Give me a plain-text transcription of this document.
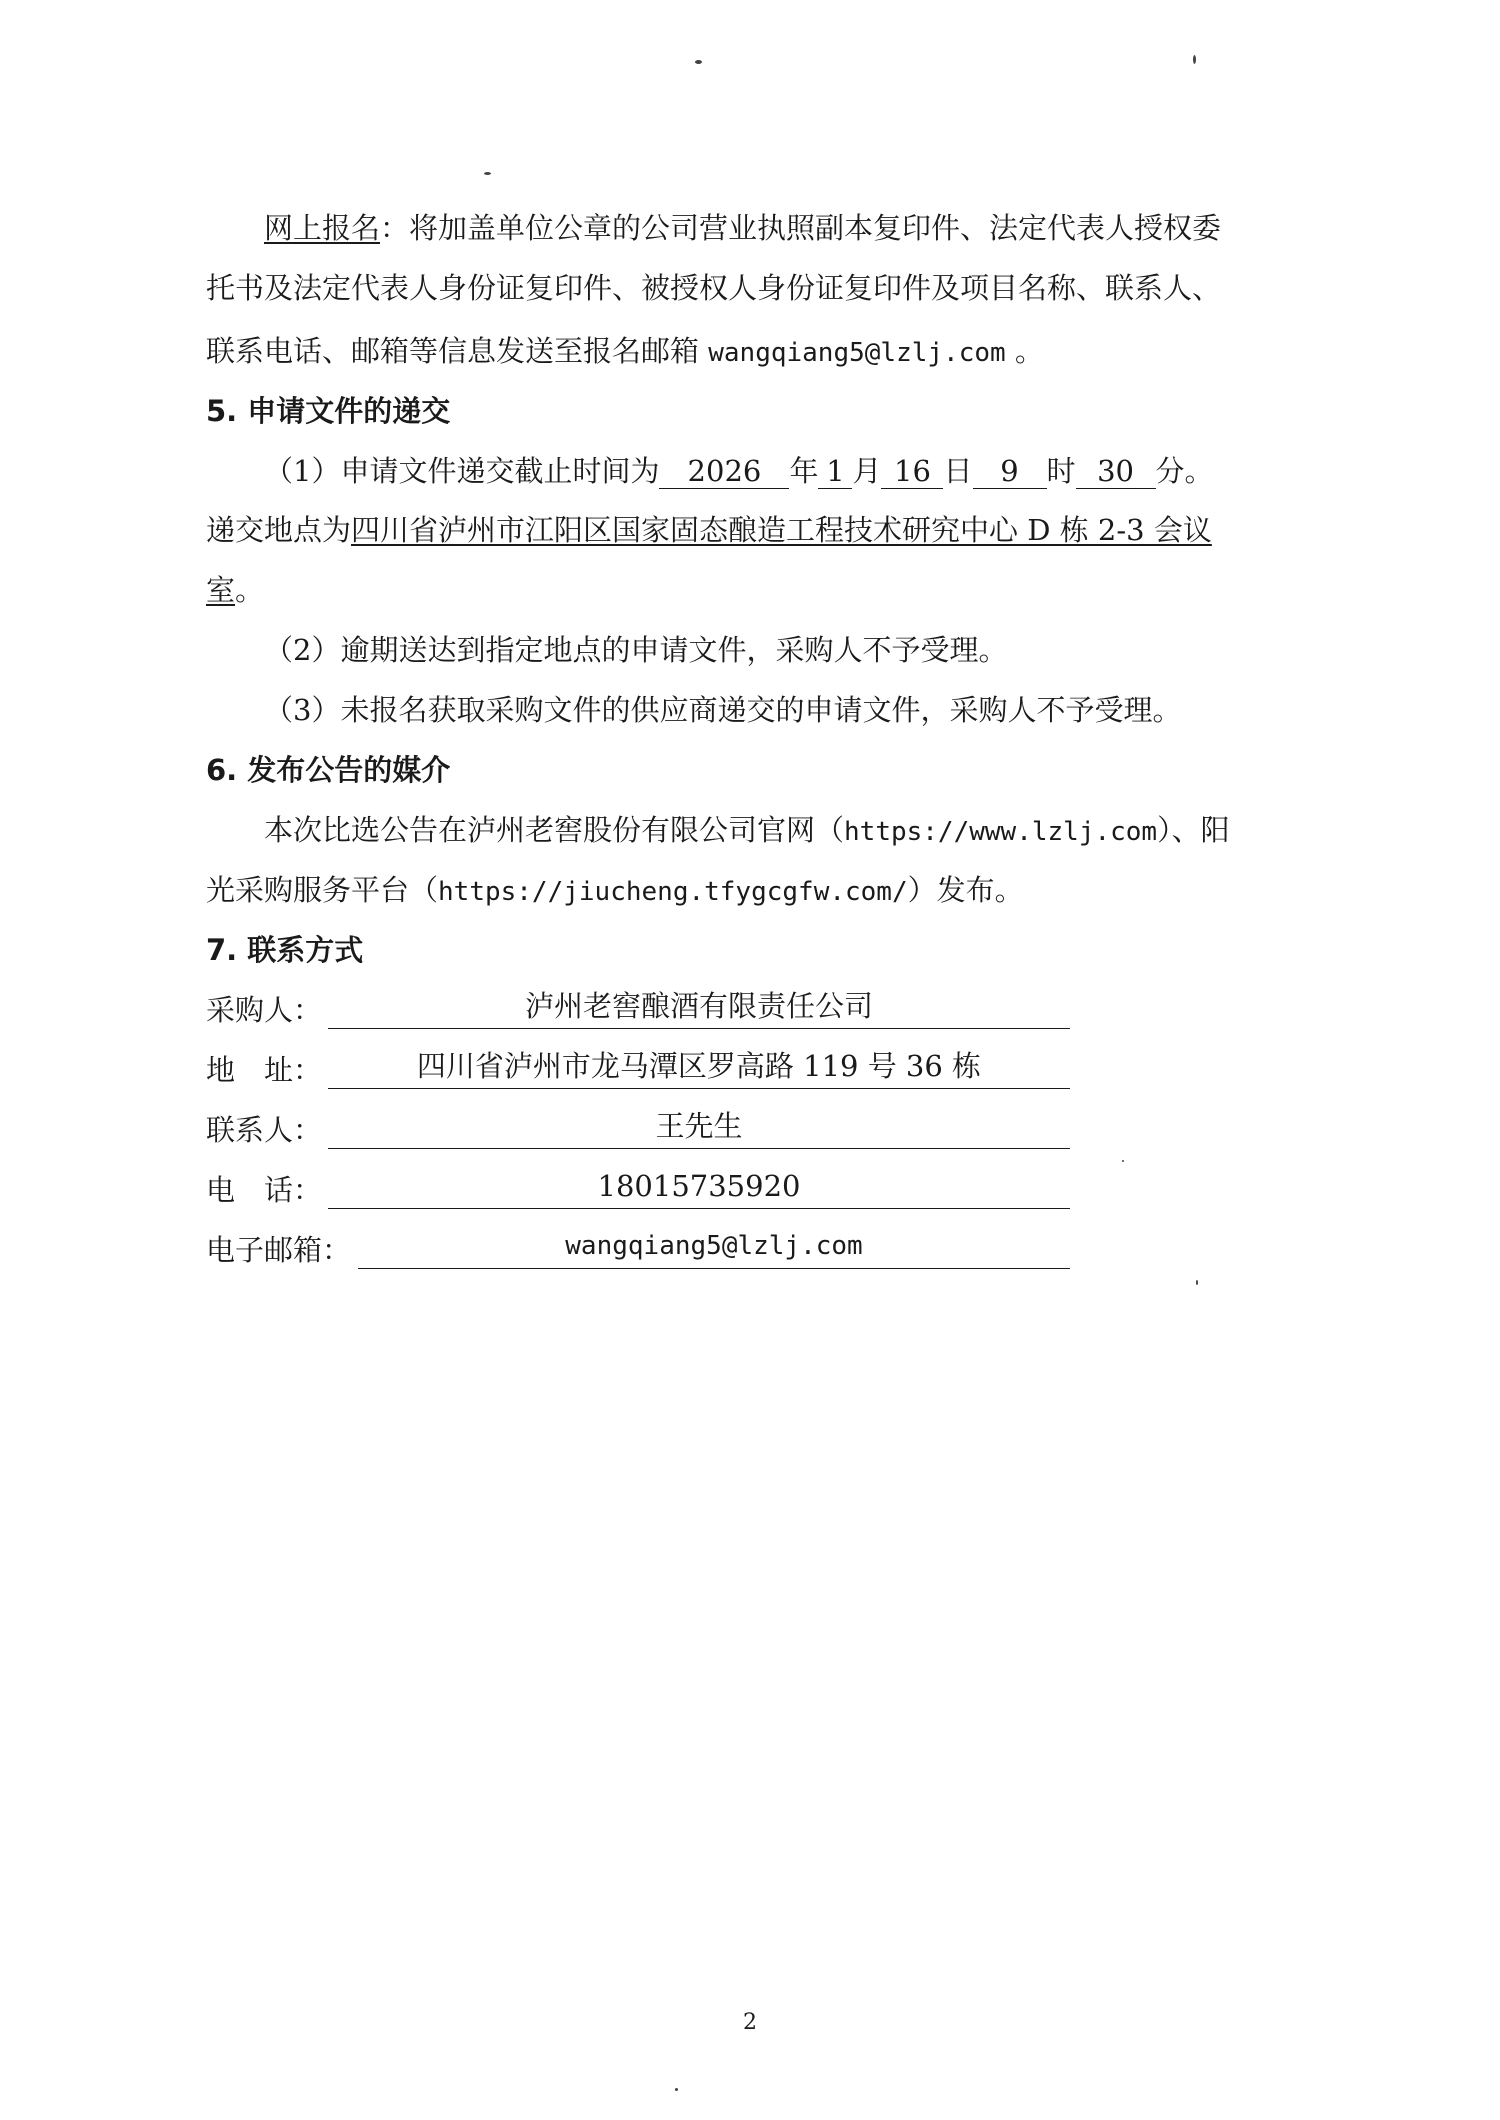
网上报名：将加盖单位公章的公司营业执照副本复印件、法定代表人授权委
托书及法定代表人身份证复印件、被授权人身份证复印件及项目名称、联系人、
联系电话、邮箱等信息发送至报名邮箱 wangqiang5@lzlj.com 。
5. 申请文件的递交
（1）申请文件递交截止时间为 2026 年 1 月 16 日 9 时 30 分。
递交地点为四川省泸州市江阳区国家固态酿造工程技术研究中心 D 栋 2-3 会议
室。
（2）逾期送达到指定地点的申请文件，采购人不予受理。
（3）未报名获取采购文件的供应商递交的申请文件，采购人不予受理。
6. 发布公告的媒介
本次比选公告在泸州老窖股份有限公司官网（https://www.lzlj.com）、阳
光采购服务平台（https://jiucheng.tfygcgfw.com/）发布。
7. 联系方式
采购人：	泸州老窖酿酒有限责任公司
地　址：	四川省泸州市龙马潭区罗高路 119 号 36 栋
联系人：	王先生
电　话：	18015735920
电子邮箱：	wangqiang5@lzlj.com
2
